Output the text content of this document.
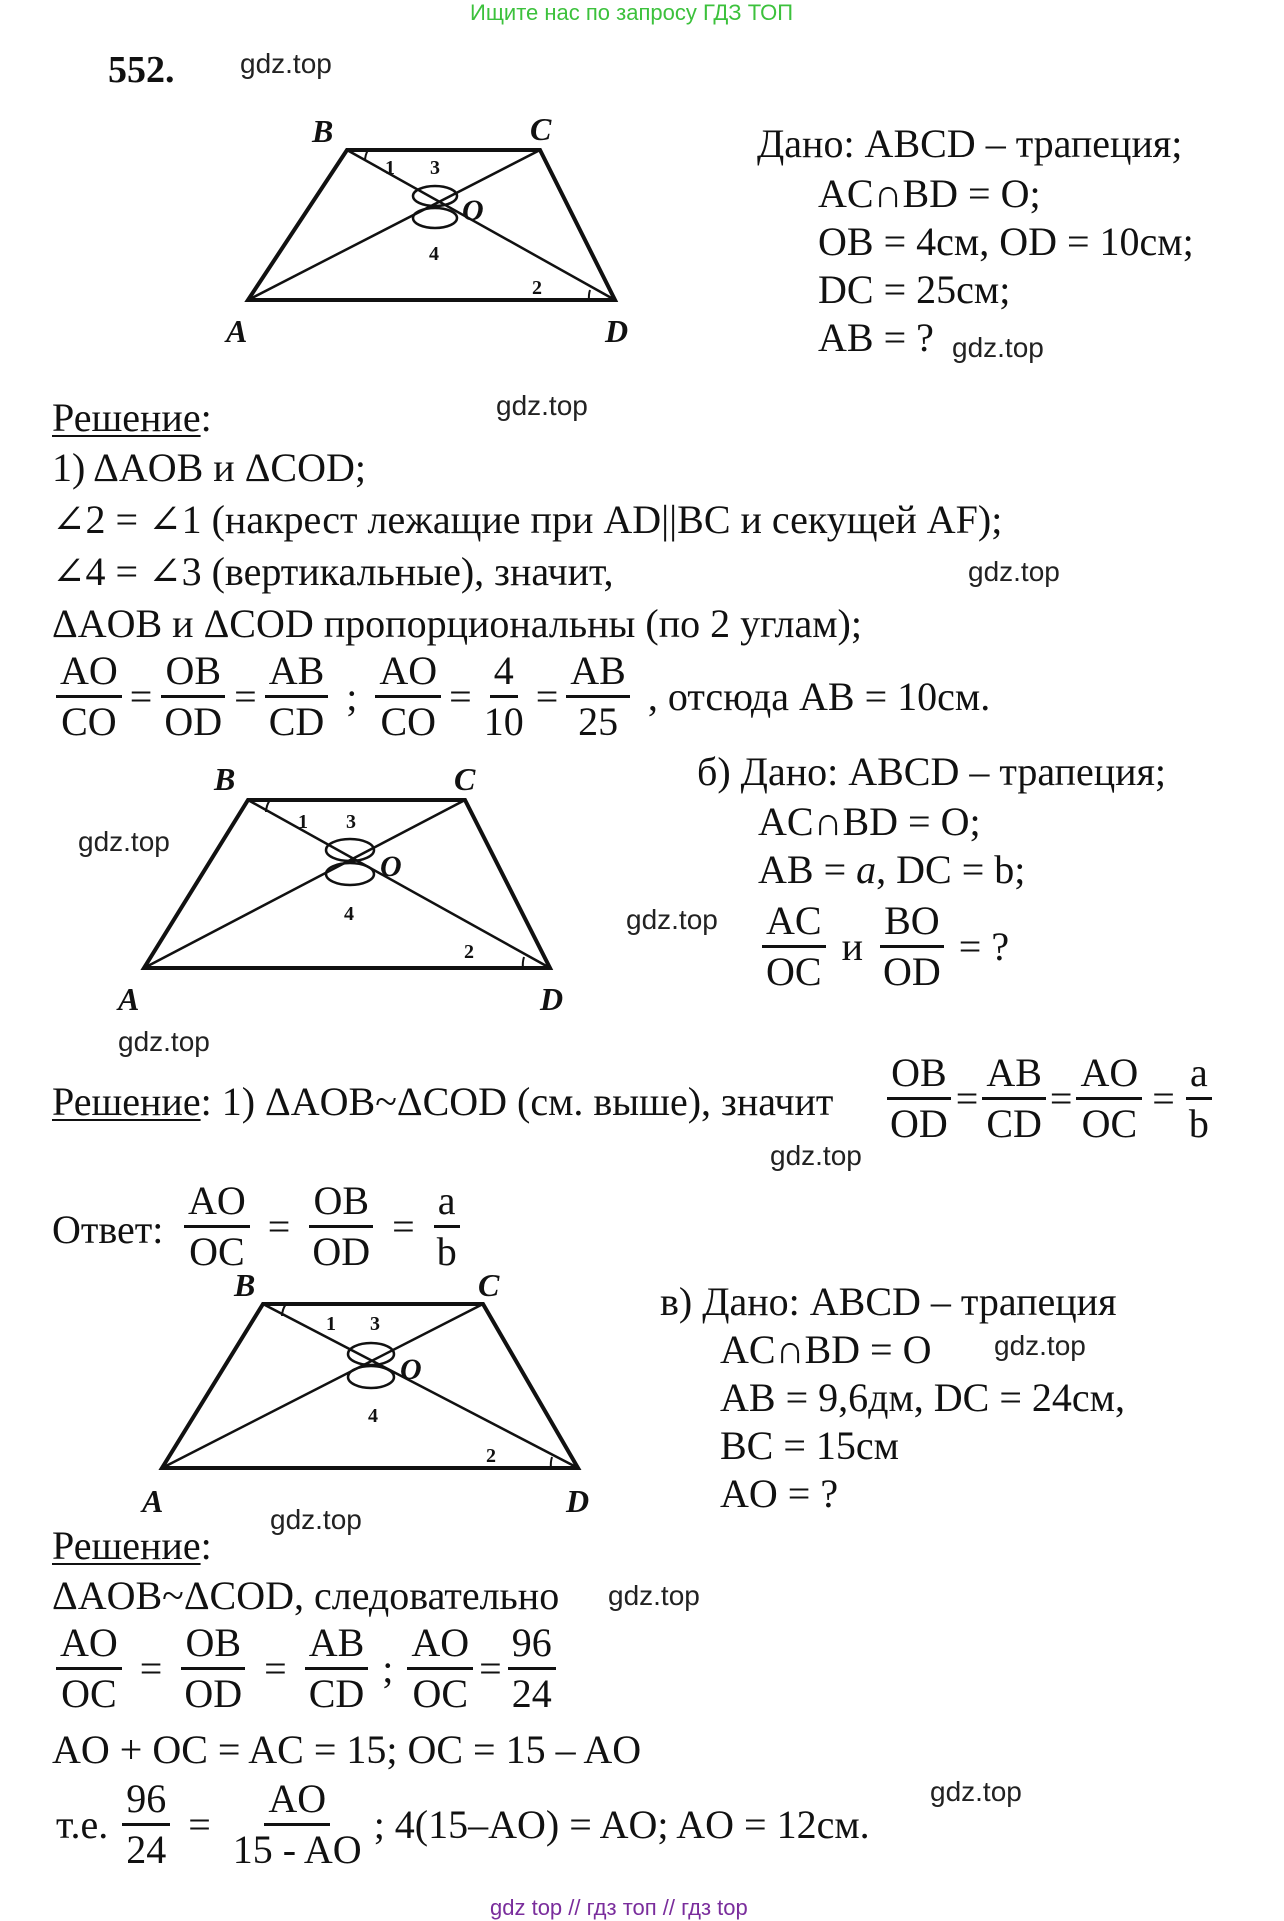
Ищите нас по запросу ГДЗ ТОП
552. gdz.top
B	C
A	D
O
1 3
4
2
Дано: ABCD – трапеция;
AC∩BD = O;
OB = 4см, OD = 10см;
DC = 25см;
AB = ? gdz.top
gdz.top
Решение:
1) ΔAOB и ΔCOD;
∠2 = ∠1 (накрест лежащие при AD||BC и секущей AF);
∠4 = ∠3 (вертикальные), значит,	gdz.top
ΔAOB и ΔCOD пропорциональны (по 2 углам);
$\frac{AO}{CO} = \frac{OB}{OD} = \frac{AB}{CD}$ ; $\frac{AO}{CO} = \frac{4}{10} = \frac{AB}{25}$ , отсюда AB = 10см.
B	C
A	D
O
1 3
4
2
gdz.top
gdz.top
б) Дано: ABCD – трапеция;
AC∩BD = O;
AB = a, DC = b;
$gdz.top \frac{AC}{OC}$ и $\frac{BO}{OD}$ = ?
Решение: 1) ΔAOB~ΔCOD (см. выше), значит $\frac{OB}{OD} = \frac{AB}{CD} = \frac{AO}{OC} = \frac{a}{b}$
gdz.top
Ответ: $\frac{AO}{OC} = \frac{OB}{OD} = \frac{a}{b}$
B	C
A	D
O
1 3
4
2
в) Дано: ABCD – трапеция
AC∩BD = O gdz.top
AB = 9,6дм, DC = 24см,
BC = 15см
AO = ?
gdz.top
Решение:
ΔAOB~ΔCOD, следовательно gdz.top
$\frac{AO}{OC} = \frac{OB}{OD} = \frac{AB}{CD}$ ; $\frac{AO}{OC} = \frac{96}{24}$
AO + OC = AC = 15; OC = 15 – AO
т.е. $\frac{96}{24} = \frac{AO}{15 - AO}$ ; 4(15–AO) = AO; AO = 12см.
gdz.top
gdz top // гдз топ // гдз top
